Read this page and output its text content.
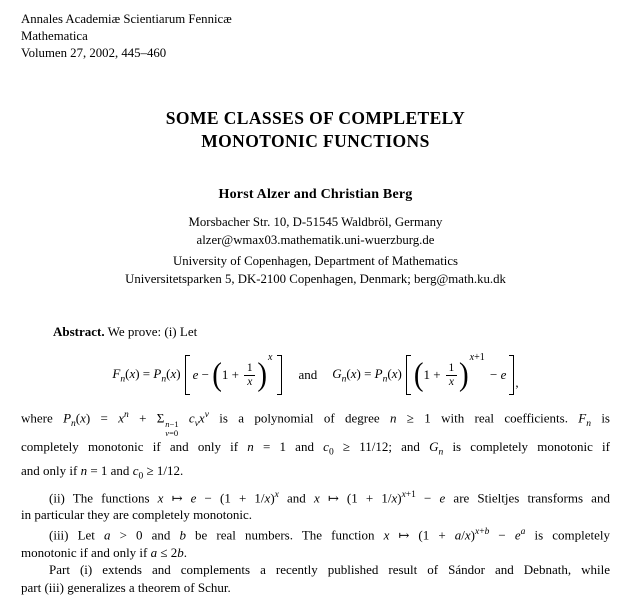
Annales Academiæ Scientiarum Fennicæ
Mathematica
Volumen 27, 2002, 445–460
SOME CLASSES OF COMPLETELY
MONOTONIC FUNCTIONS
Horst Alzer and Christian Berg
Morsbacher Str. 10, D-51545 Waldbröl, Germany
alzer@wmax03.mathematik.uni-wuerzburg.de
University of Copenhagen, Department of Mathematics
Universitetsparken 5, DK-2100 Copenhagen, Denmark; berg@math.ku.dk
Abstract. We prove: (i) Let
$F_n(x) = P_n(x) e$ − ( $1 + \frac{1}{x}$ ) x
and $G_n(x) = P_n(x)$ ( $1 + \frac{1}{x}$ ) x+1
− e
,
where $P_n(x) = x^n + \Sigma$ n−1
ν=0
$c_\nu x^\nu$ is a polynomial of degree n ≥ 1 with real coefficients. $F_n$ is
completely monotonic if and only if n = 1 and $c_0 \ge 11/12$; and $G_n$ is completely monotonic if
and only if n = 1 and $c_0 \ge 1/12$.
(ii) The functions x ↦ $e - (1 + 1/x)^x$ and x ↦ $(1 + 1/x)^{x+1} - e$ are Stieltjes transforms and
in particular they are completely monotonic.
(iii) Let a > 0 and b be real numbers. The function x ↦ $(1 + a/x)^{x+b} - e^a$ is completely
monotonic if and only if a ≤ 2b.
Part (i) extends and complements a recently published result of Sándor and Debnath, while
part (iii) generalizes a theorem of Schur.
